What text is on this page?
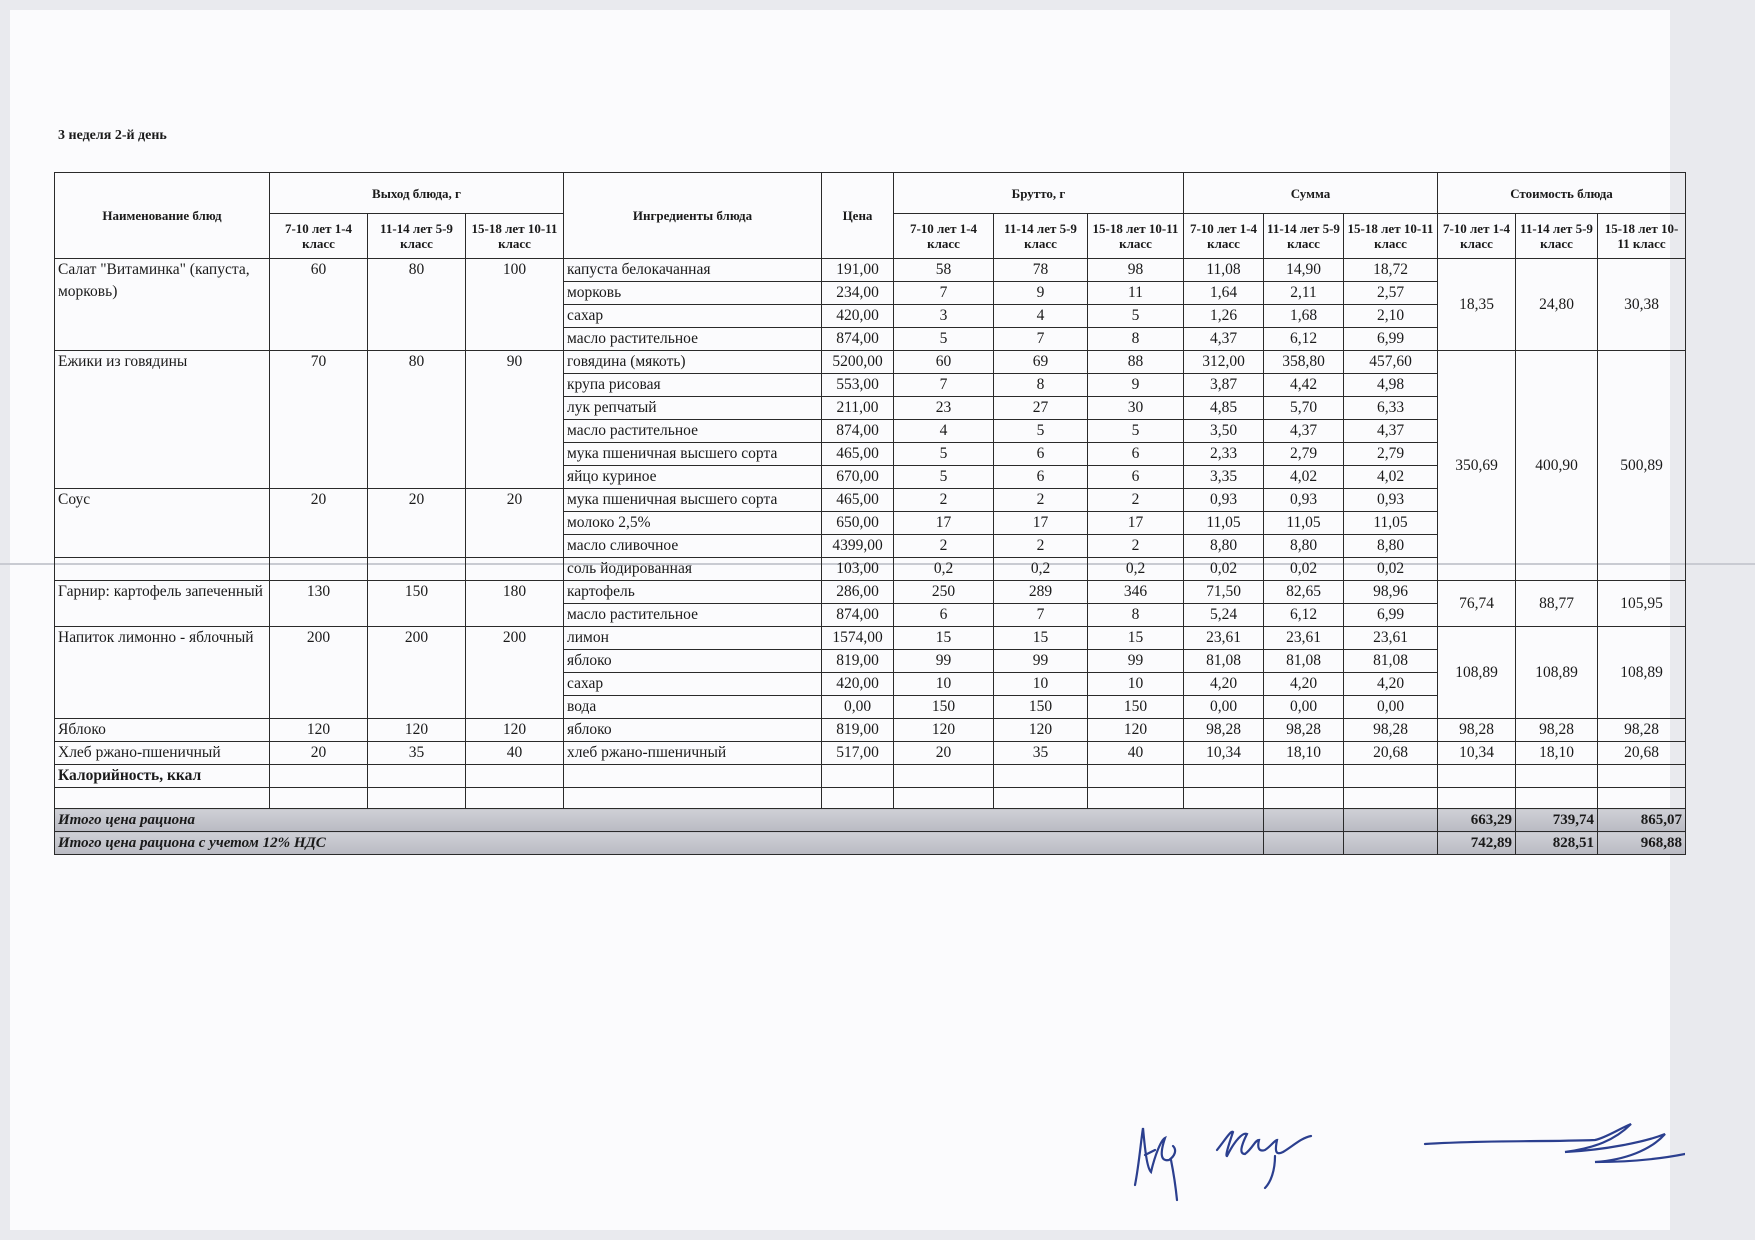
3 неделя 2-й день
Наименование блюд	Выход блюда, г			Ингредиенты блюда	Цена	Брутто, г			Сумма			Стоимость блюда		
	7-10 лет 1-4 класс	11-14 лет 5-9 класс	15-18 лет 10-11 класс			7-10 лет 1-4 класс	11-14 лет 5-9 класс	15-18 лет 10-11 класс	7-10 лет 1-4 класс	11-14 лет 5-9 класс	15-18 лет 10-11 класс	7-10 лет 1-4 класс	11-14 лет 5-9 класс	15-18 лет 10-11 класс
Салат "Витаминка" (капуста, морковь)	60	80	100	капуста белокачанная	191,00	58	78	98	11,08	14,90	18,72	18,35	24,80	30,38
				морковь	234,00	7	9	11	1,64	2,11	2,57			
				сахар	420,00	3	4	5	1,26	1,68	2,10			
				масло растительное	874,00	5	7	8	4,37	6,12	6,99			
Ежики из говядины	70	80	90	говядина (мякоть)	5200,00	60	69	88	312,00	358,80	457,60	350,69	400,90	500,89
				крупа рисовая	553,00	7	8	9	3,87	4,42	4,98			
				лук репчатый	211,00	23	27	30	4,85	5,70	6,33			
				масло растительное	874,00	4	5	5	3,50	4,37	4,37			
				мука пшеничная высшего сорта	465,00	5	6	6	2,33	2,79	2,79			
				яйцо куриное	670,00	5	6	6	3,35	4,02	4,02			
Соус	20	20	20	мука пшеничная высшего сорта	465,00	2	2	2	0,93	0,93	0,93			
				молоко 2,5%	650,00	17	17	17	11,05	11,05	11,05			
				масло сливочное	4399,00	2	2	2	8,80	8,80	8,80			
				соль йодированная	103,00	0,2	0,2	0,2	0,02	0,02	0,02			
Гарнир: картофель запеченный	130	150	180	картофель	286,00	250	289	346	71,50	82,65	98,96	76,74	88,77	105,95
				масло растительное	874,00	6	7	8	5,24	6,12	6,99			
Напиток лимонно - яблочный	200	200	200	лимон	1574,00	15	15	15	23,61	23,61	23,61	108,89	108,89	108,89
				яблоко	819,00	99	99	99	81,08	81,08	81,08			
				сахар	420,00	10	10	10	4,20	4,20	4,20			
				вода	0,00	150	150	150	0,00	0,00	0,00			
Яблоко	120	120	120	яблоко	819,00	120	120	120	98,28	98,28	98,28	98,28	98,28	98,28
Хлеб ржано-пшеничный	20	35	40	хлеб ржано-пшеничный	517,00	20	35	40	10,34	18,10	20,68	10,34	18,10	20,68
Калорийность, ккал														

Итого цена рациона												663,29	739,74	865,07
Итого цена рациона с учетом 12% НДС												742,89	828,51	968,88
